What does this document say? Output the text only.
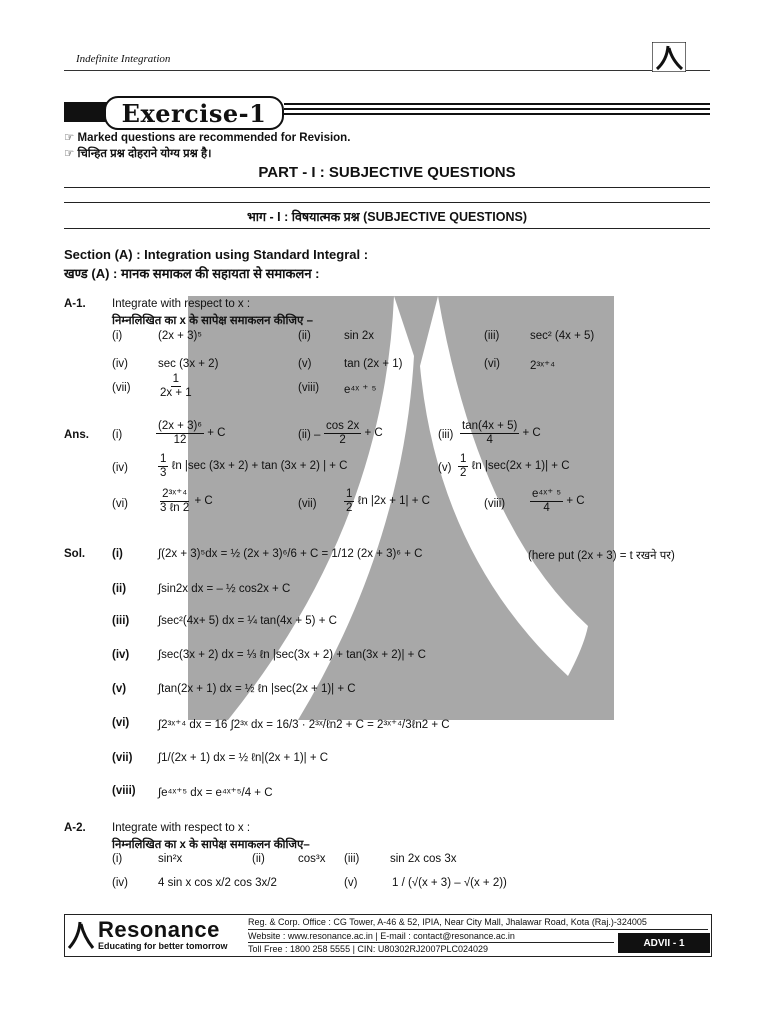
Indefinite Integration
Exercise-1
☞ Marked questions are recommended for Revision.
☞ चिन्हित प्रश्न दोहराने योग्य प्रश्न है।
PART - I : SUBJECTIVE QUESTIONS
भाग - I : विषयात्मक प्रश्न (SUBJECTIVE QUESTIONS)
Section (A) : Integration using Standard Integral :
खण्ड (A) : मानक समाकल की सहायता से समाकलन :
A-1. Integrate with respect to x :
निम्नलिखित का x के सापेक्ष समाकलन कीजिए –
(i)	(2x + 3)⁵	(ii)	sin 2x	(iii)	sec² (4x + 5)
(iv)	sec (3x + 2)	(v)	tan (2x + 1)	(vi)	2³ˣ⁺⁴
$(vii) \frac{1}{2x + 1}$	(viii) e⁴ˣ ⁺ ⁵
Ans. (i)	$\frac{\text{(2x + 3)⁶}}{12} + C$	$(ii) - \frac{\cos 2x}{2} + C$	$(iii) \frac{\tan(4x + 5)}{4} + C$
(iv)	$\frac{1}{3}$ ℓn |sec (3x + 2) + tan (3x + 2) | + C	$(v) \frac{1}{2}$ ℓn |sec(2x + 1)| + C
(vi)	$\frac{\text{2³ˣ⁺⁴}}{\text{3 ℓn 2}} + C$	$(vii) \frac{1}{2}$ ℓn |2x + 1| + C	(viii) $\frac{\text{e⁴ˣ⁺ ⁵}}{4} + C$
Sol. (i)	∫(2x + 3)⁵dx = ½ (2x + 3)⁶/6 + C = 1/12 (2x + 3)⁶ + C	(here put (2x + 3) = t रखने पर)
(ii)	∫sin2x dx = – ½ cos2x + C
(iii)	∫sec²(4x+ 5) dx = ¼ tan(4x + 5) + C
(iv)	∫sec(3x + 2) dx = ⅓ ℓn |sec(3x + 2) + tan(3x + 2)| + C
(v)	∫tan(2x + 1) dx = ½ ℓn |sec(2x + 1)| + C
(vi)	∫2³ˣ⁺⁴ dx = 16 ∫2³ˣ dx = 16/3 · 2³ˣ/ℓn2 + C = 2³ˣ⁺⁴/3ℓn2 + C
(vii) ∫1/(2x + 1) dx = ½ ℓn|(2x + 1)| + C
(viii) ∫e⁴ˣ⁺⁵ dx = e⁴ˣ⁺⁵/4 + C
A-2. Integrate with respect to x :
निम्नलिखित का x के सापेक्ष समाकलन कीजिए–
(i)	sin²x	(ii)	cos³x (iii)	sin 2x cos 3x
(iv)	4 sin x cos x/2 cos 3x/2	(v)	1 / (√(x + 3) – √(x + 2))
Resonance
Educating for better tomorrow
Reg. & Corp. Office : CG Tower, A-46 & 52, IPIA, Near City Mall, Jhalawar Road, Kota (Raj.)-324005
Website : www.resonance.ac.in | E-mail : contact@resonance.ac.in
Toll Free : 1800 258 5555 | CIN: U80302RJ2007PLC024029
ADVII - 1
